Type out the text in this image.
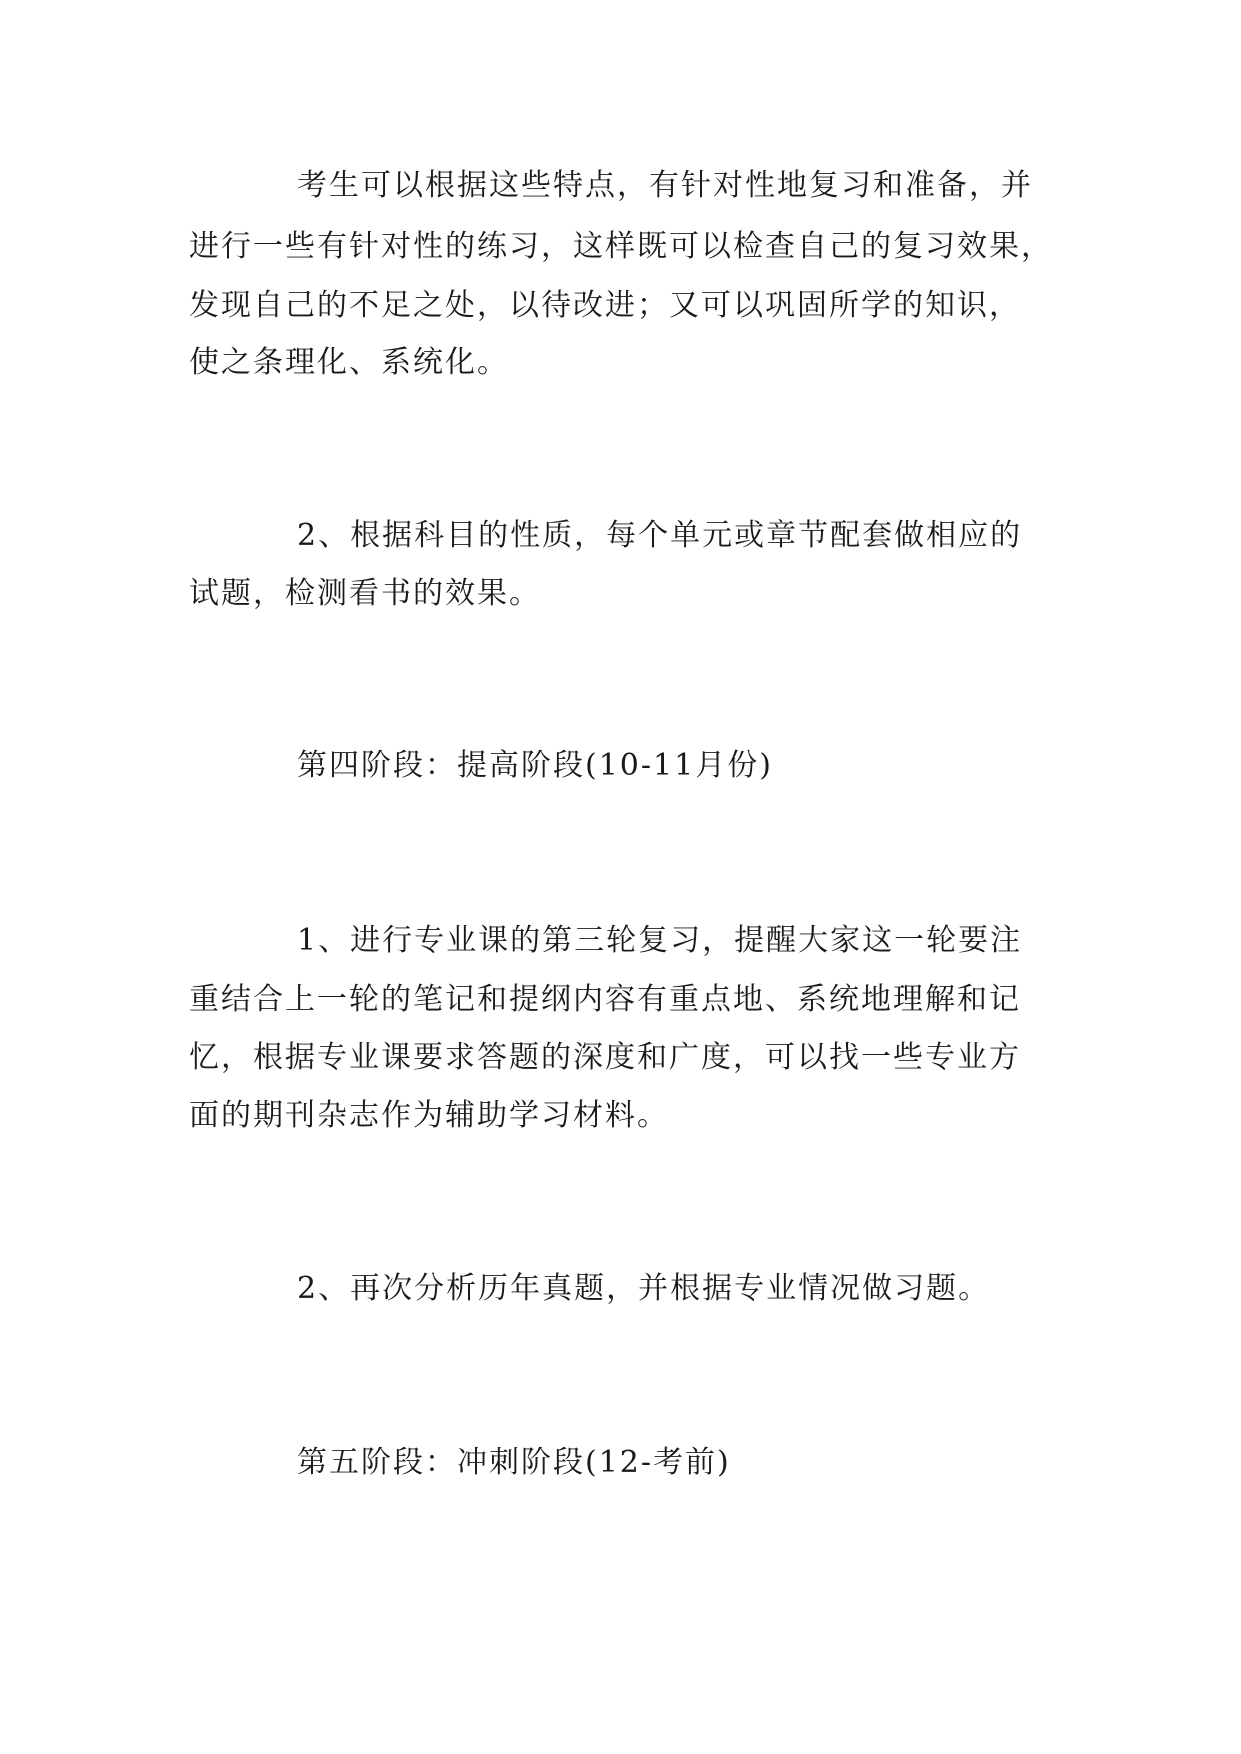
考生可以根据这些特点，有针对性地复习和准备，并
进行一些有针对性的练习，这样既可以检查自己的复习效果，
发现自己的不足之处，以待改进；又可以巩固所学的知识，
使之条理化、系统化。
2、根据科目的性质，每个单元或章节配套做相应的
试题，检测看书的效果。
第四阶段：提高阶段(10-11月份)
1、进行专业课的第三轮复习，提醒大家这一轮要注
重结合上一轮的笔记和提纲内容有重点地、系统地理解和记
忆，根据专业课要求答题的深度和广度，可以找一些专业方
面的期刊杂志作为辅助学习材料。
2、再次分析历年真题，并根据专业情况做习题。
第五阶段：冲刺阶段(12-考前)
